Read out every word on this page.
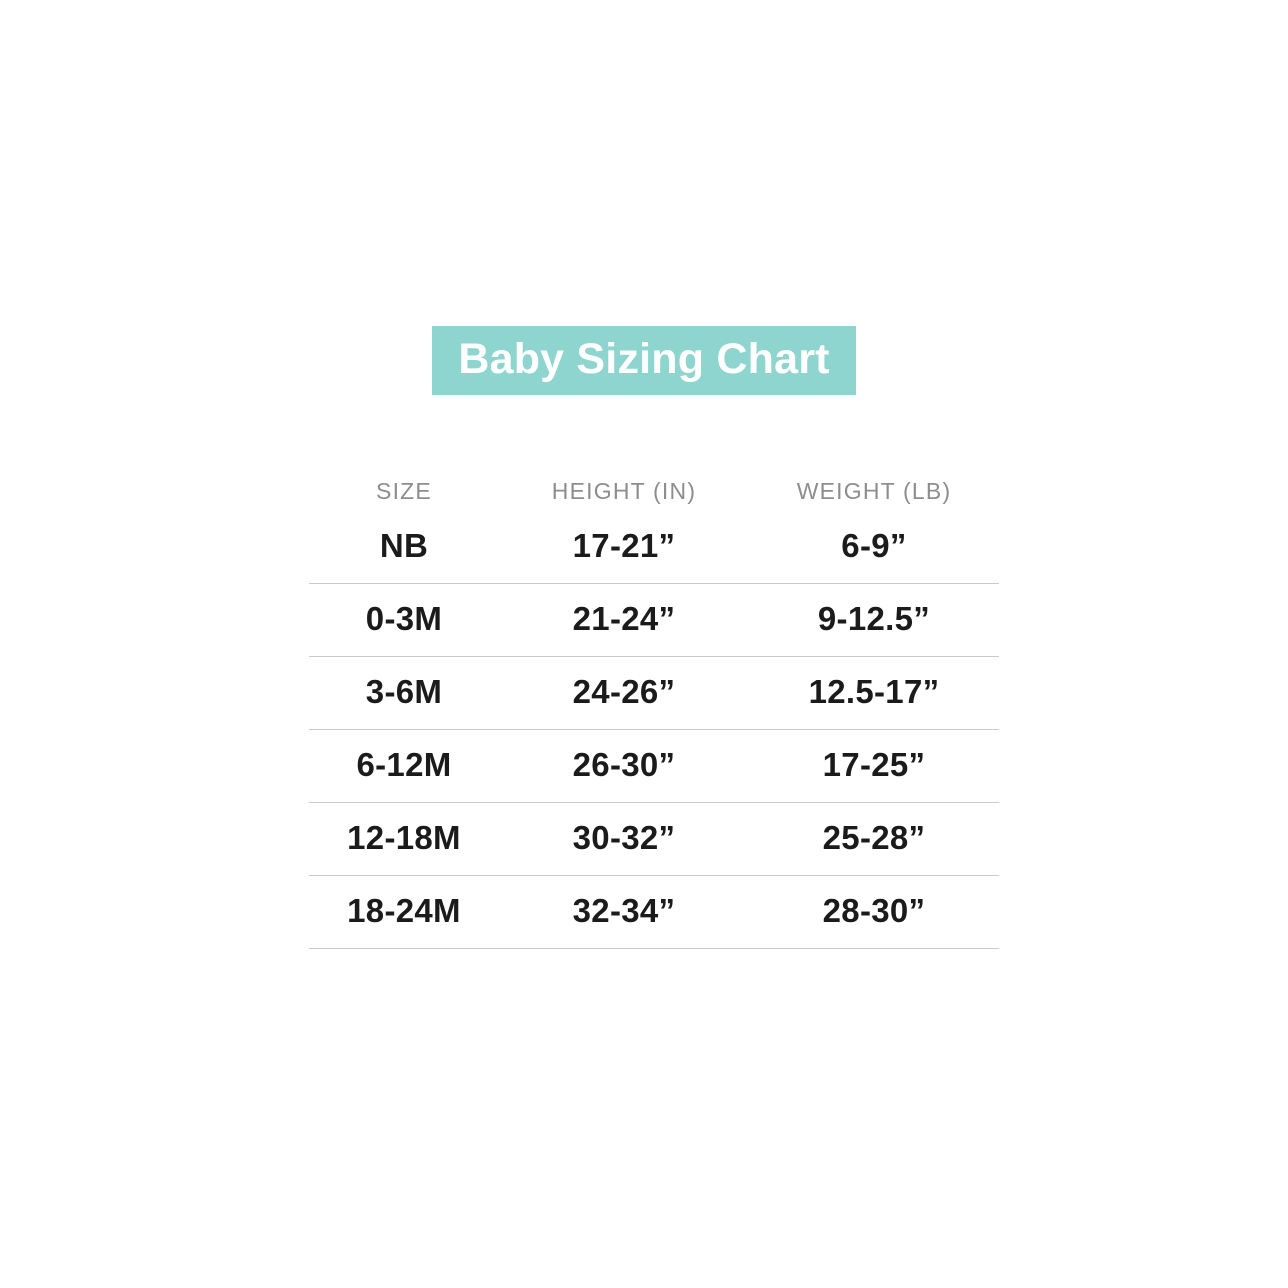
Baby Sizing Chart
SIZE	HEIGHT (IN)	WEIGHT (LB)
NB	17-21”	6-9”
0-3M	21-24”	9-12.5”
3-6M	24-26”	12.5-17”
6-12M	26-30”	17-25”
12-18M	30-32”	25-28”
18-24M	32-34”	28-30”
